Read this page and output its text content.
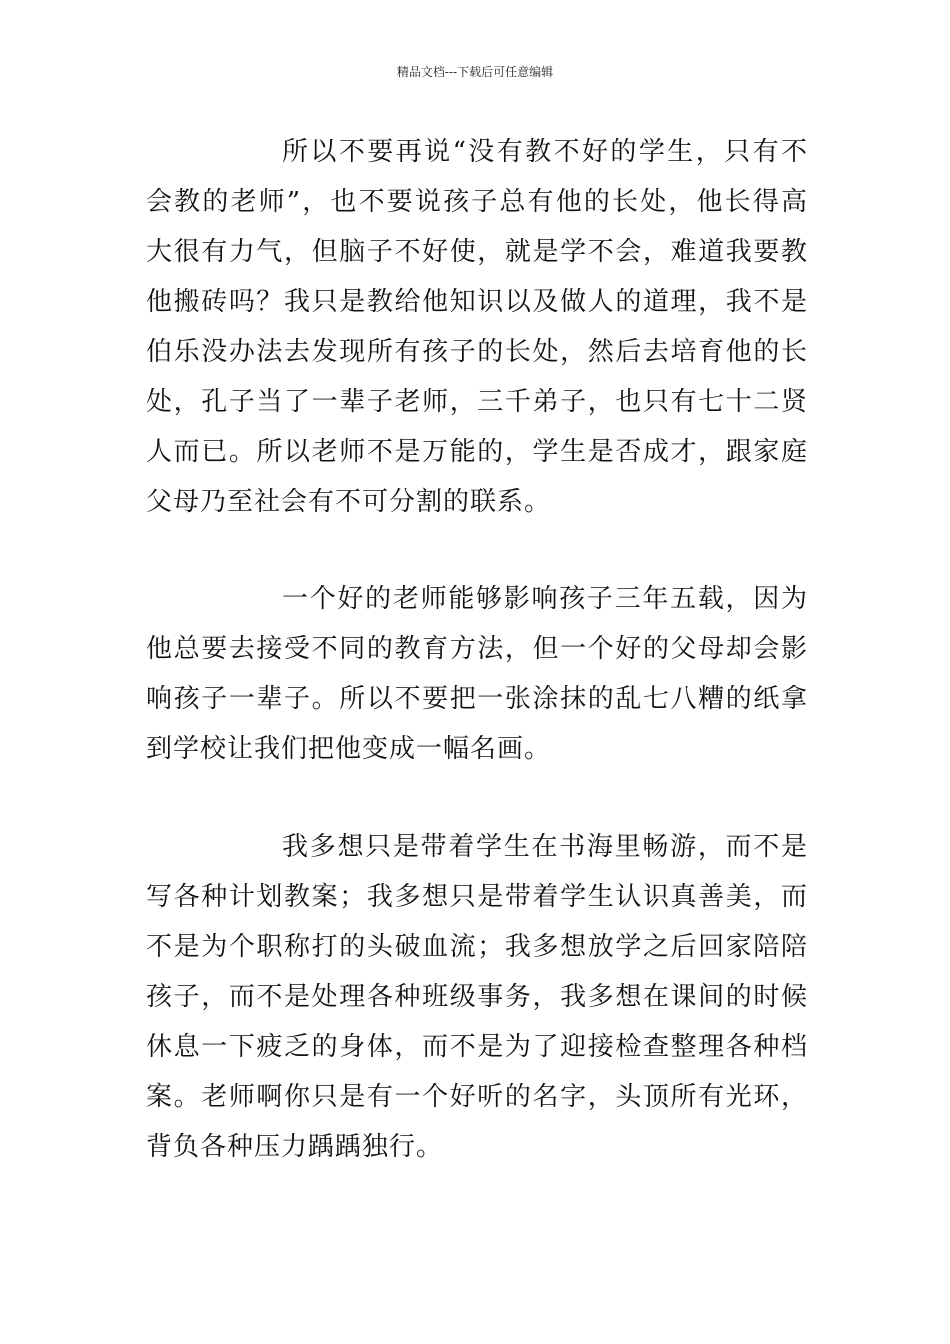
精品文档---下载后可任意编辑

所以不要再说“没有教不好的学生，只有不会教的老师”，也不要说孩子总有他的长处，他长得高大很有力气，但脑子不好使，就是学不会，难道我要教他搬砖吗？我只是教给他知识以及做人的道理，我不是伯乐没办法去发现所有孩子的长处，然后去培育他的长处，孔子当了一辈子老师，三千弟子，也只有七十二贤人而已。所以老师不是万能的，学生是否成才，跟家庭父母乃至社会有不可分割的联系。

一个好的老师能够影响孩子三年五载，因为他总要去接受不同的教育方法，但一个好的父母却会影响孩子一辈子。所以不要把一张涂抹的乱七八糟的纸拿到学校让我们把他变成一幅名画。

我多想只是带着学生在书海里畅游，而不是写各种计划教案；我多想只是带着学生认识真善美，而不是为个职称打的头破血流；我多想放学之后回家陪陪孩子，而不是处理各种班级事务，我多想在课间的时候休息一下疲乏的身体，而不是为了迎接检查整理各种档案。老师啊你只是有一个好听的名字，头顶所有光环，背负各种压力踽踽独行。
